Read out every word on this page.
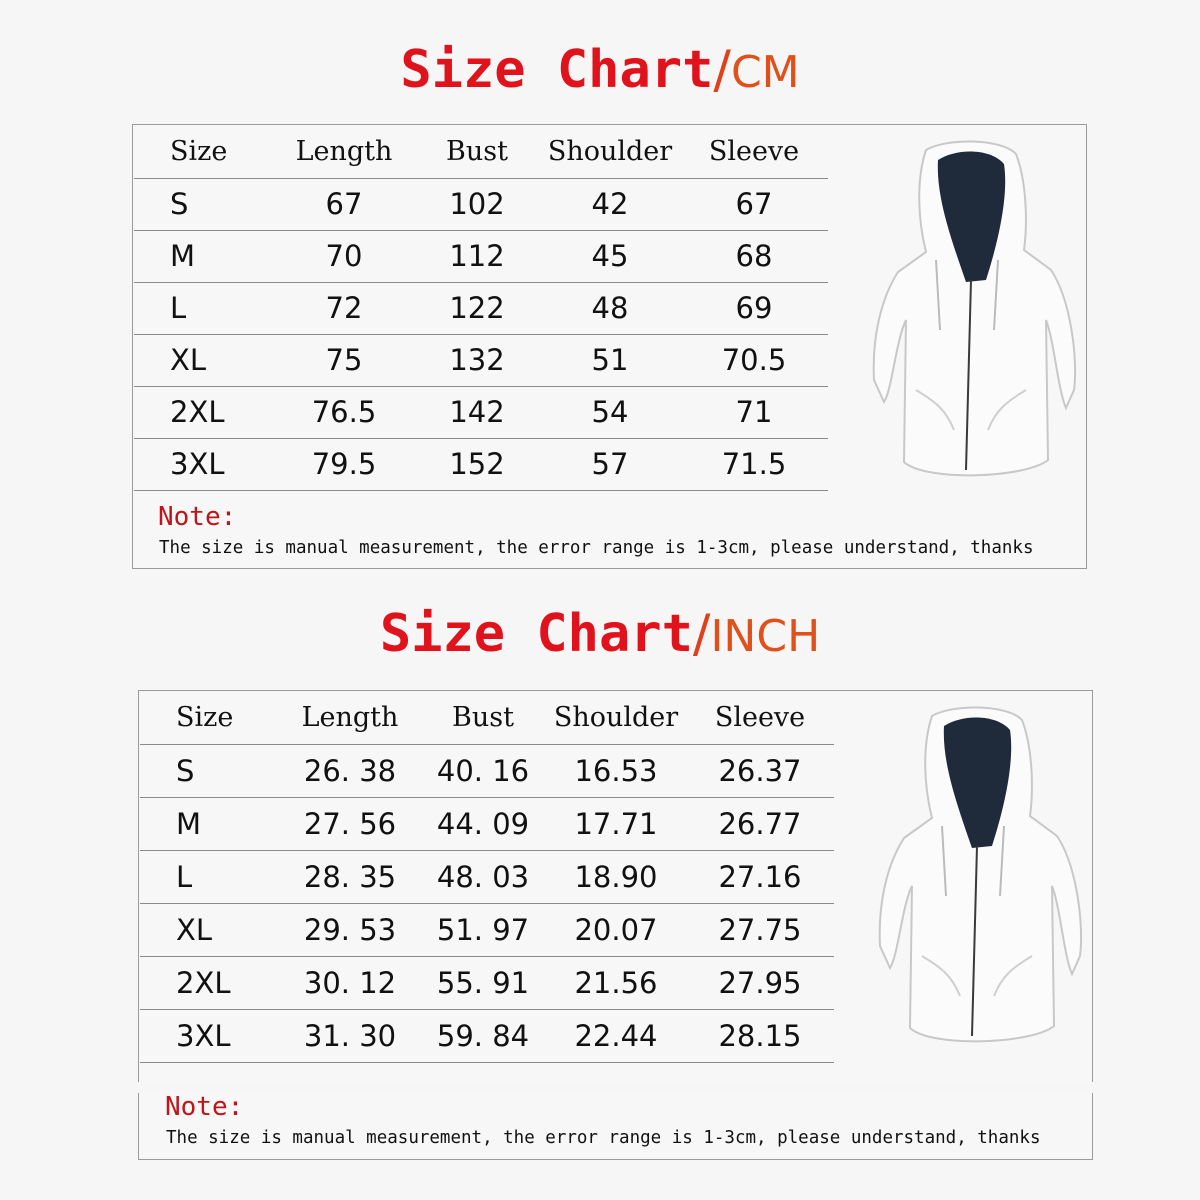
Size Chart/CM
Size	Length	Bust	Shoulder	Sleeve
S	67	102	42	67
M	70	112	45	68
L	72	122	48	69
XL	75	132	51	70.5
2XL	76.5	142	54	71
3XL	79.5	152	57	71.5
Note:
The size is manual measurement, the error range is 1-3cm, please understand, thanks
Size Chart/INCH
Size	Length	Bust	Shoulder	Sleeve
S	26. 38	40. 16	16.53	26.37
M	27. 56	44. 09	17.71	26.77
L	28. 35	48. 03	18.90	27.16
XL	29. 53	51. 97	20.07	27.75
2XL	30. 12	55. 91	21.56	27.95
3XL	31. 30	59. 84	22.44	28.15
Note:
The size is manual measurement, the error range is 1-3cm, please understand, thanks
